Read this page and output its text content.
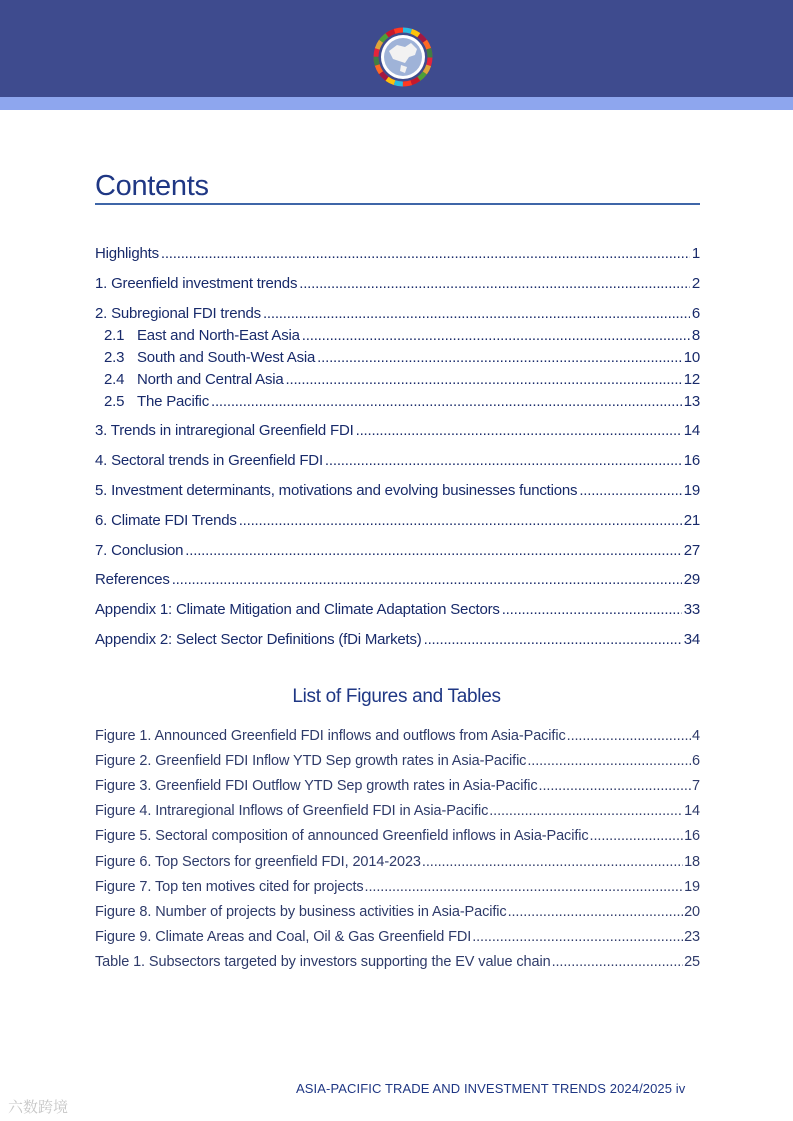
Contents
Highlights .....	1
1. Greenfield investment trends .....	2
2. Subregional FDI trends .....	6
2.1 East and North-East Asia .....	8
2.3 South and South-West Asia .....	10
2.4 North and Central Asia .....	12
2.5 The Pacific .....	13
3. Trends in intraregional Greenfield FDI .....	14
4. Sectoral trends in Greenfield FDI .....	16
5. Investment determinants, motivations and evolving businesses functions .....	19
6. Climate FDI Trends .....	21
7. Conclusion .....	27
References .....	29
Appendix 1: Climate Mitigation and Climate Adaptation Sectors .....	33
Appendix 2: Select Sector Definitions (fDi Markets) .....	34
List of Figures and Tables
Figure 1. Announced Greenfield FDI inflows and outflows from Asia-Pacific .....	4
Figure 2. Greenfield FDI Inflow YTD Sep growth rates in Asia-Pacific .....	6
Figure 3. Greenfield FDI Outflow YTD Sep growth rates in Asia-Pacific .....	7
Figure 4. Intraregional Inflows of Greenfield FDI in Asia-Pacific .....	14
Figure 5. Sectoral composition of announced Greenfield inflows in Asia-Pacific .....	16
Figure 6. Top Sectors for greenfield FDI, 2014-2023 .....	18
Figure 7. Top ten motives cited for projects .....	19
Figure 8. Number of projects by business activities in Asia-Pacific .....	20
Figure 9. Climate Areas and Coal, Oil & Gas Greenfield FDI .....	23
Table 1. Subsectors targeted by investors supporting the EV value chain .....	25
ASIA-PACIFIC TRADE AND INVESTMENT TRENDS 2024/2025 iv
六数跨境
